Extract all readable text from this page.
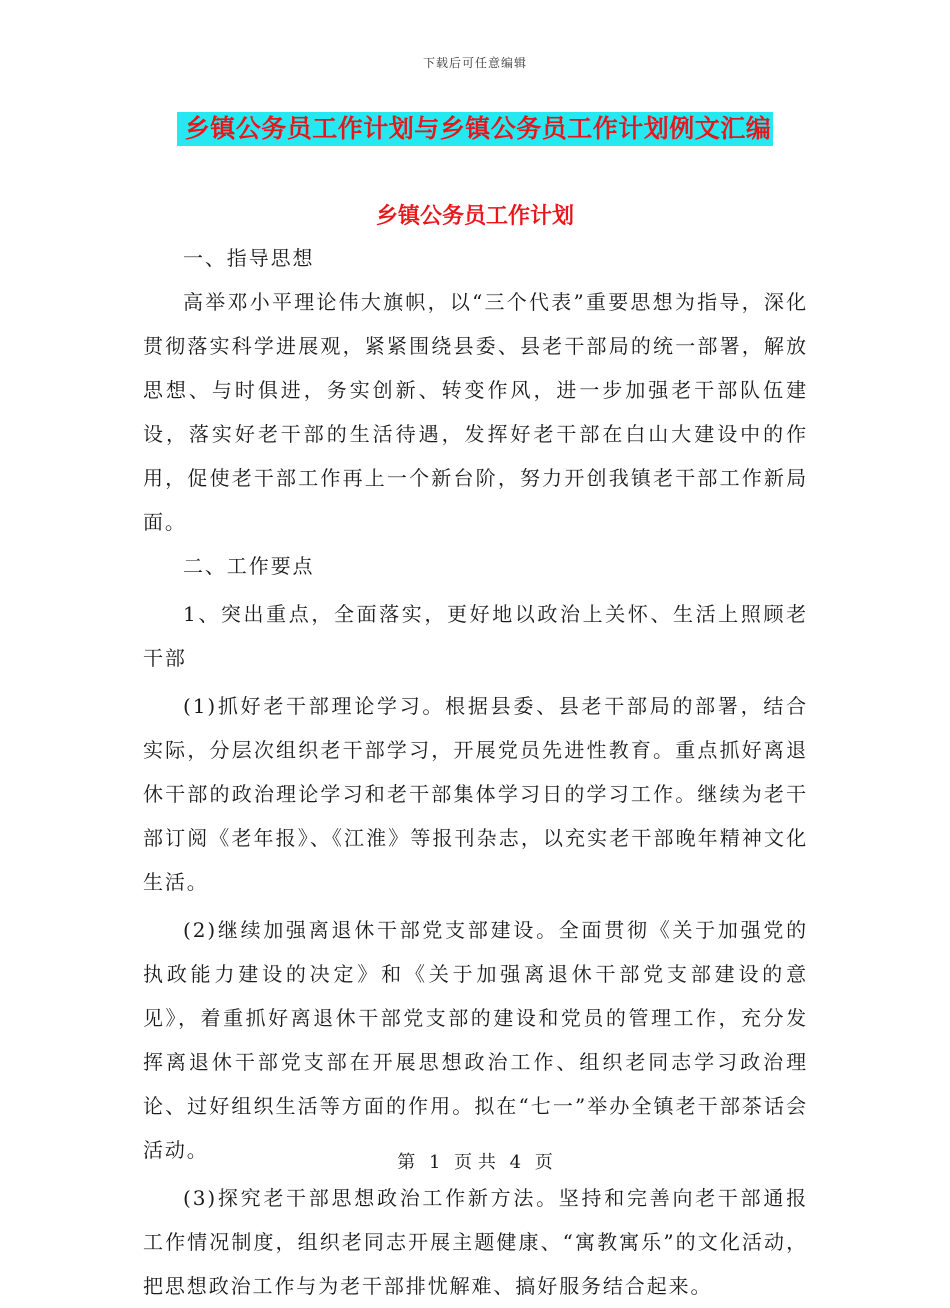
下载后可任意编辑
乡镇公务员工作计划与乡镇公务员工作计划例文汇编
乡镇公务员工作计划

一、指导思想

高举邓小平理论伟大旗帜，以“三个代表”重要思想为指导，深化贯彻落实科学进展观，紧紧围绕县委、县老干部局的统一部署，解放思想、与时俱进，务实创新、转变作风，进一步加强老干部队伍建设，落实好老干部的生活待遇，发挥好老干部在白山大建设中的作用，促使老干部工作再上一个新台阶，努力开创我镇老干部工作新局面。

二、工作要点

1、突出重点，全面落实，更好地以政治上关怀、生活上照顾老干部

(1)抓好老干部理论学习。根据县委、县老干部局的部署，结合实际，分层次组织老干部学习，开展党员先进性教育。重点抓好离退休干部的政治理论学习和老干部集体学习日的学习工作。继续为老干部订阅《老年报》、《江淮》等报刊杂志，以充实老干部晚年精神文化生活。

(2)继续加强离退休干部党支部建设。全面贯彻《关于加强党的执政能力建设的决定》和《关于加强离退休干部党支部建设的意见》，着重抓好离退休干部党支部的建设和党员的管理工作，充分发挥离退休干部党支部在开展思想政治工作、组织老同志学习政治理论、过好组织生活等方面的作用。拟在“七一”举办全镇老干部茶话会活动。

(3)探究老干部思想政治工作新方法。坚持和完善向老干部通报工作情况制度，组织老同志开展主题健康、“寓教寓乐”的文化活动，把思想政治工作与为老干部排忧解难、搞好服务结合起来。

第 1 页 共 4 页
